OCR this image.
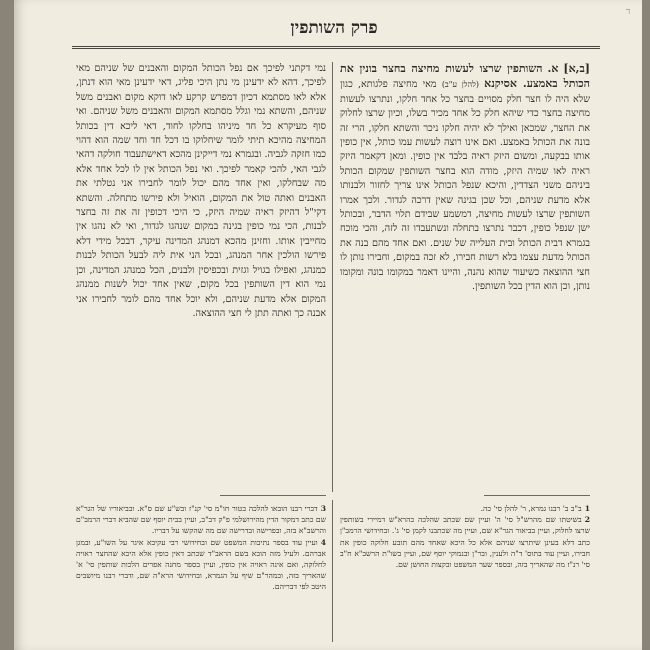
ד
פרק השותפין
[ב,א] א. השותפין שרצו לעשות מחיצה בחצר בונין את הכותל באמצע. אסיקנא (להלן ע"ב) מאי מחיצה פלגותא, כגון שלא היה לו חצר חלק מסויים בחצר כל אחד חלקו, ונתרצו לעשות מחיצה בחצר כדי שיהא חלק כל אחד מכיר בשלו, וכיון שרצו לחלוק את החצר, שמכאן ואילך לא יהיה חלקו ניכר והשתא חלקו, הרי זה בונה את הכותל באמצע. ואם אינו רוצה לעשות עמו כותל, אין כופין אותו בבקעה, ומשום היזק ראיה בלבד אין כופין. ומאן דקאמר היזק ראיה לאו שמיה היזק, מודה הוא בחצר השותפין שמקום הכותל ביניהם משני הצדדין, והיכא שנפל הכותל אינו צריך לחזור ולבנותו אלא מדעת שניהם, וכל שכן בגינה שאין דרכה לגדור. ולכך אמרו השותפין שרצו לעשות מחיצה, דמשמע שבידם תלוי הדבר, ובכותל ישן שנפל כופין, דכבר נתרצו בתחלה ונשתעבדו זה לזה, והכי מוכח בגמרא דבית הכותל ובית העלייה של שנים. ואם אחד מהם בנה את הכותל מדעת עצמו בלא רשות חבירו, לא זכה במקום, וחבירו נותן לו חצי ההוצאה כשיעור שהוא נהנה, והיינו דאמר במקומו בונה ומקומו נותן, וכן הוא הדין בכל השותפין.
נמי דקתני לפיכך אם נפל הכותל המקום והאבנים של שניהם מאי לפיכך, דהא לא ידעינן מי נתן היכי פליג, דאי ידעינן מאי הוא דנתן, אלא לאו מסתמא דכיון דמפרש קרקע לאו דוקא מקום ואבנים משל שניהם, והשתא נמי וגלל מסתמא המקום והאבנים משל שניהם. ואי סוף מעיקרא כל חד מיניהו בחלקו לחוד, דאי ליכא דין בכותל המחיצה מהיכא תיתי לומר שיחלוקו בו דכל חד וחד שמה הוא דהוי כמו חזקה לגביה. ובגמרא נמי דייקינן מהכא דאישתעבוד חולקה דהאי לגבי האי, להכי קאמר לפיכך. ואי נפל הכותל אין לו לכל אחד אלא מה שבחלקו, ואין אחד מהם יכול לומר לחבירו אני נטלתי את האבנים ואתה טול את המקום, הואיל ולא פירשו מתחלה. והשתא דקי"ל דהיזק ראיה שמיה היזק, כי היכי דכופין זה את זה בחצר לבנות, הכי נמי כופין בגינה במקום שנהגו לגדור, ואי לא נהגו אין מחייבין אותו. וחזינן מהכא דמנהג המדינה עיקר, דבכל מידי דלא פירשו הולכין אחר המנהג, ובכל הני אית ליה לבעל הכותל לבנות כמנהג, ואפילו בגויל וגזית ובכפיסין ולבנים, הכל כמנהג המדינה, וכן נמי הוא דין השותפין בכל מקום, שאין אחד יכול לשנות ממנהג המקום אלא מדעת שניהם, ולא יוכל אחד מהם לומר לחבירו אני אבנה כך ואתה תתן לי חצי ההוצאה.
1ב"ב ב' רבנו גמרא, ר' להלן סי' כה.
2בשיטתו שם מהרש"ל סי' ה' ועיין שם שכתב שהלכה כהרא"ש דמיירי בשותפין שרצו לחלוק, ועיין בביאור הגר"א שם, ועיין מה שכתבנו לקמן סי' ג'. ובחידושי הרמב"ן כתב דלא בעינן שיתרצו שניהם אלא כל היכא שאחד מהם תובע חלוקה כופין את חבירו, ועיין עוד בתוס' ד"ה ולענין, ובר"ן ובנמוקי יוסף שם, ועיין בשו"ת הרשב"א ח"ב סי' רנ"ז מה שהאריך בזה, ובספר שער המשפט ובקצות החושן שם.
3דברי רבנו הובאו להלכה בטור חו"מ סי' קנ"ז ובש"ע שם ס"א. ובביאוריו של הגר"א שם כתב דמקור הדין מהירושלמי פ"ק דב"ב, ועיין בבית יוסף שם שהביא דברי הרמב"ם והרשב"א בזה, ובפרישה ובדרישה שם מה שהקשו על דבריו.
4ועיין עוד בספר נתיבות המשפט שם ובחידושי רבי עקיבא איגר על השו"ע, ובמגן אברהם. ולעיל מזה הובא בשם הראב"ד שכתב דאין כופין אלא היכא שהחצר ראויה לחלוקה, ואם אינה ראויה אין כופין, ועיין בספר מחנה אפרים הלכות שותפין סי' א' שהאריך בזה, ובמהר"ם שיף על הגמרא, ובחידושי הרא"ה שם, ודברי רבנו מיושבים היטב לפי דבריהם.
